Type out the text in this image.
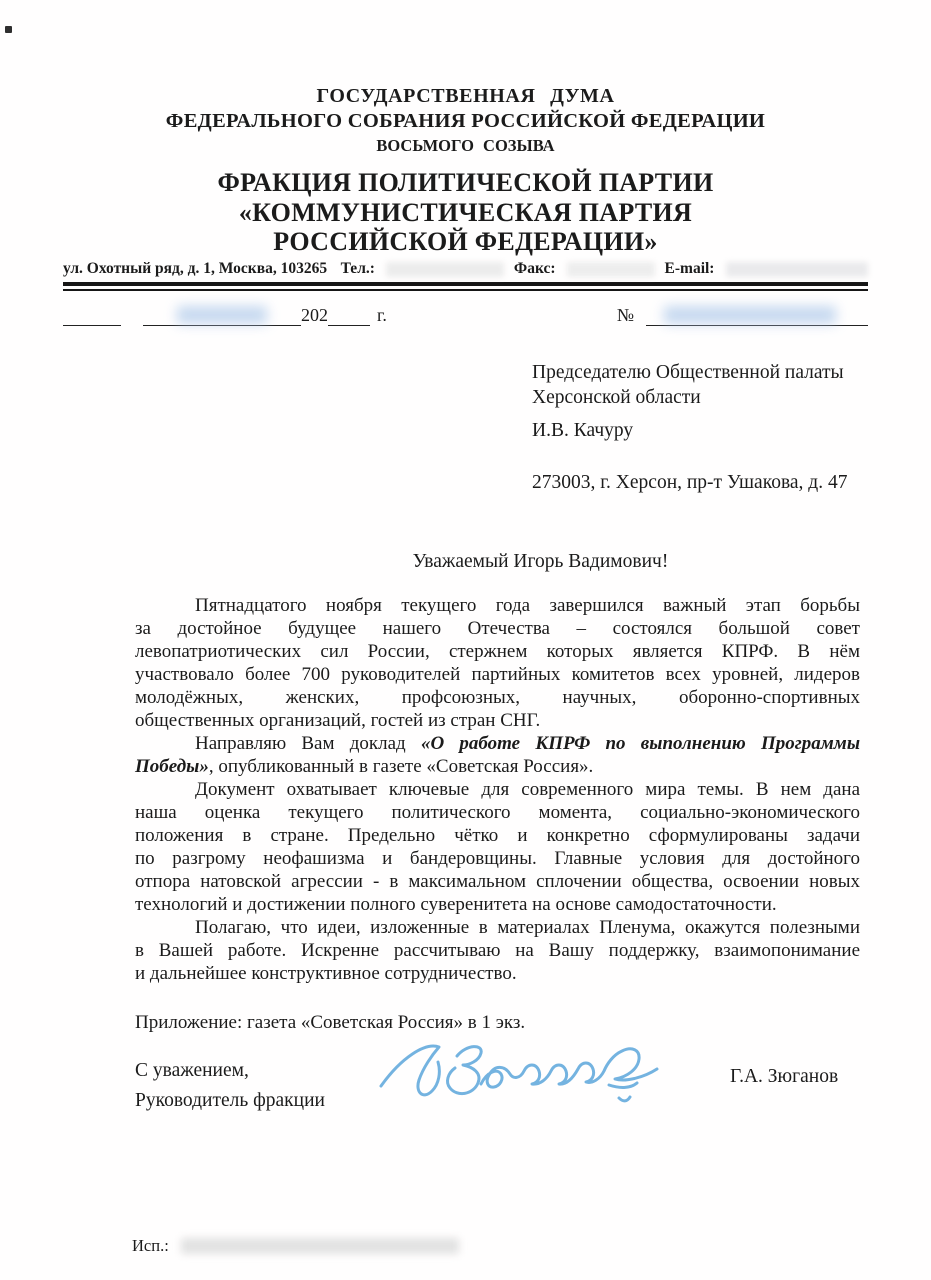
ГОСУДАРСТВЕННАЯ ДУМА
ФЕДЕРАЛЬНОГО СОБРАНИЯ РОССИЙСКОЙ ФЕДЕРАЦИИ
ВОСЬМОГО СОЗЫВА
ФРАКЦИЯ ПОЛИТИЧЕСКОЙ ПАРТИИ
«КОММУНИСТИЧЕСКАЯ ПАРТИЯ
РОССИЙСКОЙ ФЕДЕРАЦИИ»
ул. Охотный ряд, д. 1, Москва, 103265 Тел.:	Факс:	E-mail:
202	г.	№
Председателю Общественной палаты
Херсонской области
И.В. Качуру
273003, г. Херсон, пр-т Ушакова, д. 47
Уважаемый Игорь Вадимович!
Пятнадцатого ноября текущего года завершился важный этап борьбы
за достойное будущее нашего Отечества – состоялся большой совет
левопатриотических сил России, стержнем которых является КПРФ. В нём
участвовало более 700 руководителей партийных комитетов всех уровней, лидеров
молодёжных, женских, профсоюзных, научных, оборонно-спортивных
общественных организаций, гостей из стран СНГ.
Направляю Вам доклад «О работе КПРФ по выполнению Программы
Победы», опубликованный в газете «Советская Россия».
Документ охватывает ключевые для современного мира темы. В нем дана
наша оценка текущего политического момента, социально-экономического
положения в стране. Предельно чётко и конкретно сформулированы задачи
по разгрому неофашизма и бандеровщины. Главные условия для достойного
отпора натовской агрессии - в максимальном сплочении общества, освоении новых
технологий и достижении полного суверенитета на основе самодостаточности.
Полагаю, что идеи, изложенные в материалах Пленума, окажутся полезными
в Вашей работе. Искренне рассчитываю на Вашу поддержку, взаимопонимание
и дальнейшее конструктивное сотрудничество.
Приложение: газета «Советская Россия» в 1 экз.
С уважением,
Руководитель фракции
Г.А. Зюганов
Исп.:
